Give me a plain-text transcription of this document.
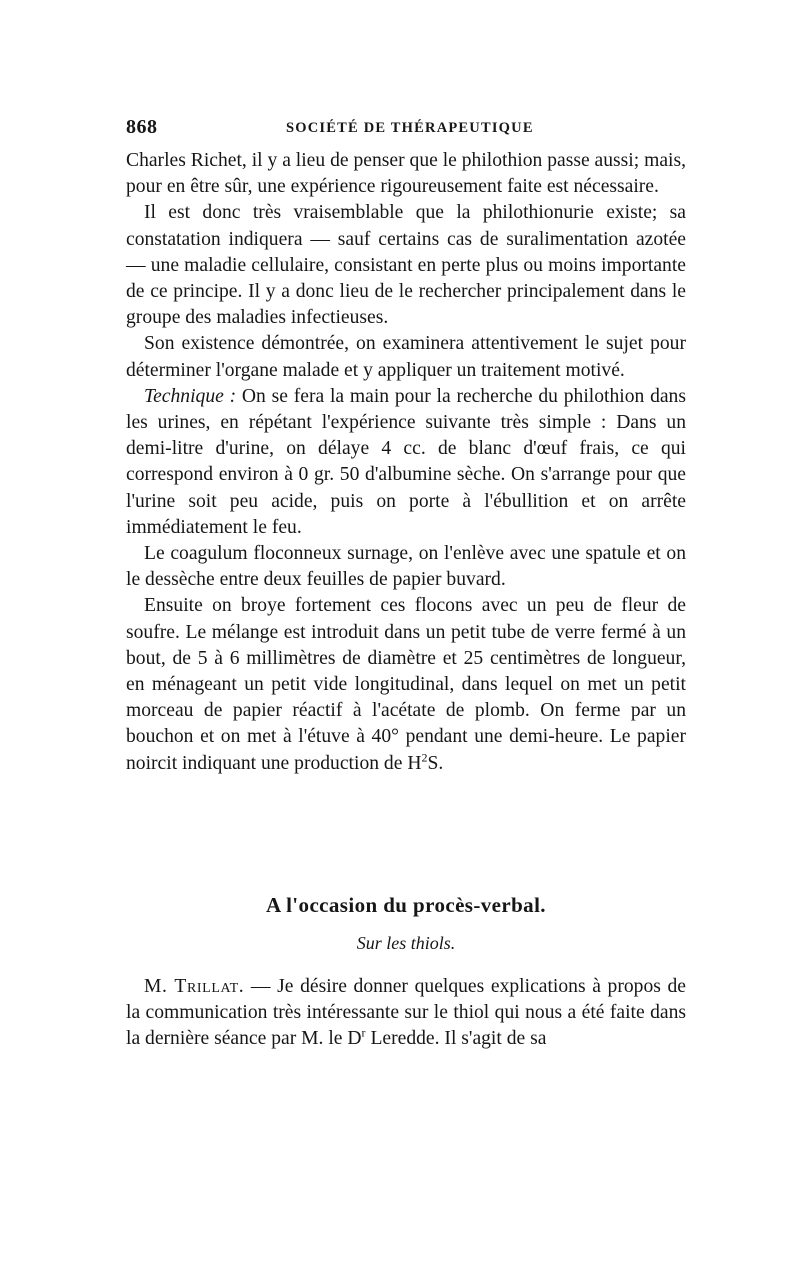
868	SOCIÉTÉ DE THÉRAPEUTIQUE

Charles Richet, il y a lieu de penser que le philothion passe aussi; mais, pour en être sûr, une expérience rigoureusement faite est nécessaire.

Il est donc très vraisemblable que la philothionurie existe; sa constatation indiquera — sauf certains cas de suralimentation azotée — une maladie cellulaire, consistant en perte plus ou moins importante de ce principe. Il y a donc lieu de le rechercher principalement dans le groupe des maladies infectieuses.

Son existence démontrée, on examinera attentivement le sujet pour déterminer l'organe malade et y appliquer un traitement motivé.

Technique : On se fera la main pour la recherche du philothion dans les urines, en répétant l'expérience suivante très simple : Dans un demi-litre d'urine, on délaye 4 cc. de blanc d'œuf frais, ce qui correspond environ à 0 gr. 50 d'albumine sèche. On s'arrange pour que l'urine soit peu acide, puis on porte à l'ébullition et on arrête immédiatement le feu.

Le coagulum floconneux surnage, on l'enlève avec une spatule et on le dessèche entre deux feuilles de papier buvard.

Ensuite on broye fortement ces flocons avec un peu de fleur de soufre. Le mélange est introduit dans un petit tube de verre fermé à un bout, de 5 à 6 millimètres de diamètre et 25 centimètres de longueur, en ménageant un petit vide longitudinal, dans lequel on met un petit morceau de papier réactif à l'acétate de plomb. On ferme par un bouchon et on met à l'étuve à 40° pendant une demi-heure. Le papier noircit indiquant une production de $H^2S$.

A l'occasion du procès-verbal.
Sur les thiols.

M. Trillat. — Je désire donner quelques explications à propos de la communication très intéressante sur le thiol qui nous a été faite dans la dernière séance par M. le $D^r$ Leredde. Il s'agit de sa
